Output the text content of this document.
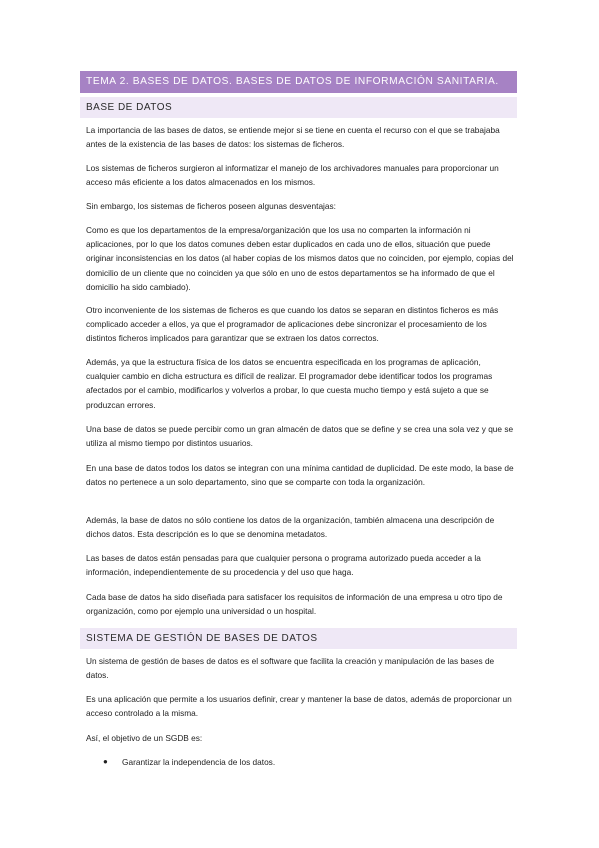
TEMA 2. BASES DE DATOS. BASES DE DATOS DE INFORMACIÓN SANITARIA.
BASE DE DATOS

La importancia de las bases de datos, se entiende mejor si se tiene en cuenta el recurso con el que se trabajaba antes de la existencia de las bases de datos: los sistemas de ficheros.

Los sistemas de ficheros surgieron al informatizar el manejo de los archivadores manuales para proporcionar un acceso más eficiente a los datos almacenados en los mismos.

Sin embargo, los sistemas de ficheros poseen algunas desventajas:

Como es que los departamentos de la empresa/organización que los usa no comparten la información ni aplicaciones, por lo que los datos comunes deben estar duplicados en cada uno de ellos, situación que puede originar inconsistencias en los datos (al haber copias de los mismos datos que no coinciden, por ejemplo, copias del domicilio de un cliente que no coinciden ya que sólo en uno de estos departamentos se ha informado de que el domicilio ha sido cambiado).

Otro inconveniente de los sistemas de ficheros es que cuando los datos se separan en distintos ficheros es más complicado acceder a ellos, ya que el programador de aplicaciones debe sincronizar el procesamiento de los distintos ficheros implicados para garantizar que se extraen los datos correctos.

Además, ya que la estructura física de los datos se encuentra especificada en los programas de aplicación, cualquier cambio en dicha estructura es difícil de realizar. El programador debe identificar todos los programas afectados por el cambio, modificarlos y volverlos a probar, lo que cuesta mucho tiempo y está sujeto a que se produzcan errores.

Una base de datos se puede percibir como un gran almacén de datos que se define y se crea una sola vez y que se utiliza al mismo tiempo por distintos usuarios.

En una base de datos todos los datos se integran con una mínima cantidad de duplicidad. De este modo, la base de datos no pertenece a un solo departamento, sino que se comparte con toda la organización.

Además, la base de datos no sólo contiene los datos de la organización, también almacena una descripción de dichos datos. Esta descripción es lo que se denomina metadatos.

Las bases de datos están pensadas para que cualquier persona o programa autorizado pueda acceder a la información, independientemente de su procedencia y del uso que haga.

Cada base de datos ha sido diseñada para satisfacer los requisitos de información de una empresa u otro tipo de organización, como por ejemplo una universidad o un hospital.

SISTEMA DE GESTIÓN DE BASES DE DATOS

Un sistema de gestión de bases de datos es el software que facilita la creación y manipulación de las bases de datos.

Es una aplicación que permite a los usuarios definir, crear y mantener la base de datos, además de proporcionar un acceso controlado a la misma.

Así, el objetivo de un SGDB es:

● Garantizar la independencia de los datos.
